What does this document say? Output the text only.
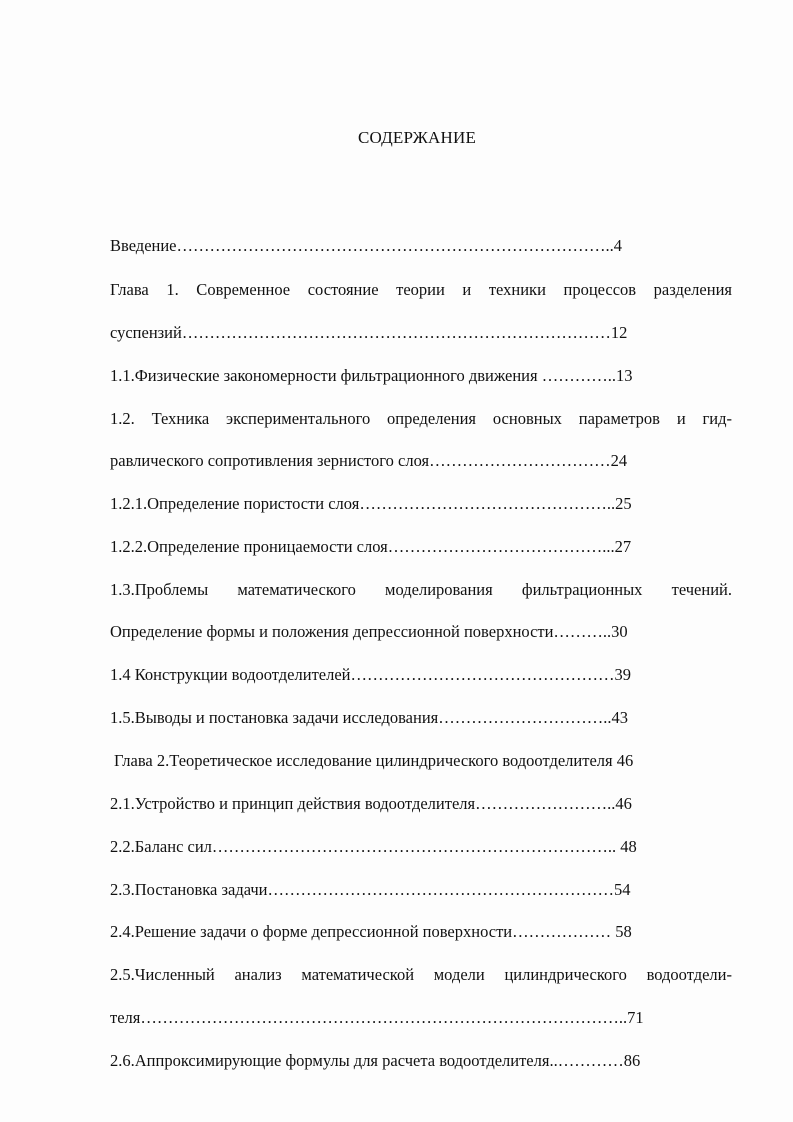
СОДЕРЖАНИЕ
Введение……………………………………………………………………..4
Глава 1. Современное состояние теории и техники процессов разделения
суспензий……………………………………………………………………12
1.1.Физические закономерности фильтрационного движения …………..13
1.2. Техника экспериментального определения основных параметров и гид-
равлического сопротивления зернистого слоя……………………………24
1.2.1.Определение пористости слоя………………………………………..25
1.2.2.Определение проницаемости слоя…………………………………...27
1.3.Проблемы математического моделирования фильтрационных течений.
Определение формы и положения депрессионной поверхности………..30
1.4 Конструкции водоотделителей…………………………………………39
1.5.Выводы и постановка задачи исследования…………………………..43
Глава 2.Теоретическое исследование цилиндрического водоотделителя 46
2.1.Устройство и принцип действия водоотделителя……………………..46
2.2.Баланс сил……………………………………………………………….. 48
2.3.Постановка задачи………………………………………………………54
2.4.Решение задачи о форме депрессионной поверхности……………… 58
2.5.Численный анализ математической модели цилиндрического водоотдели-
теля……………………………………………………………………………..71
2.6.Аппроксимирующие формулы для расчета водоотделителя..…………86
